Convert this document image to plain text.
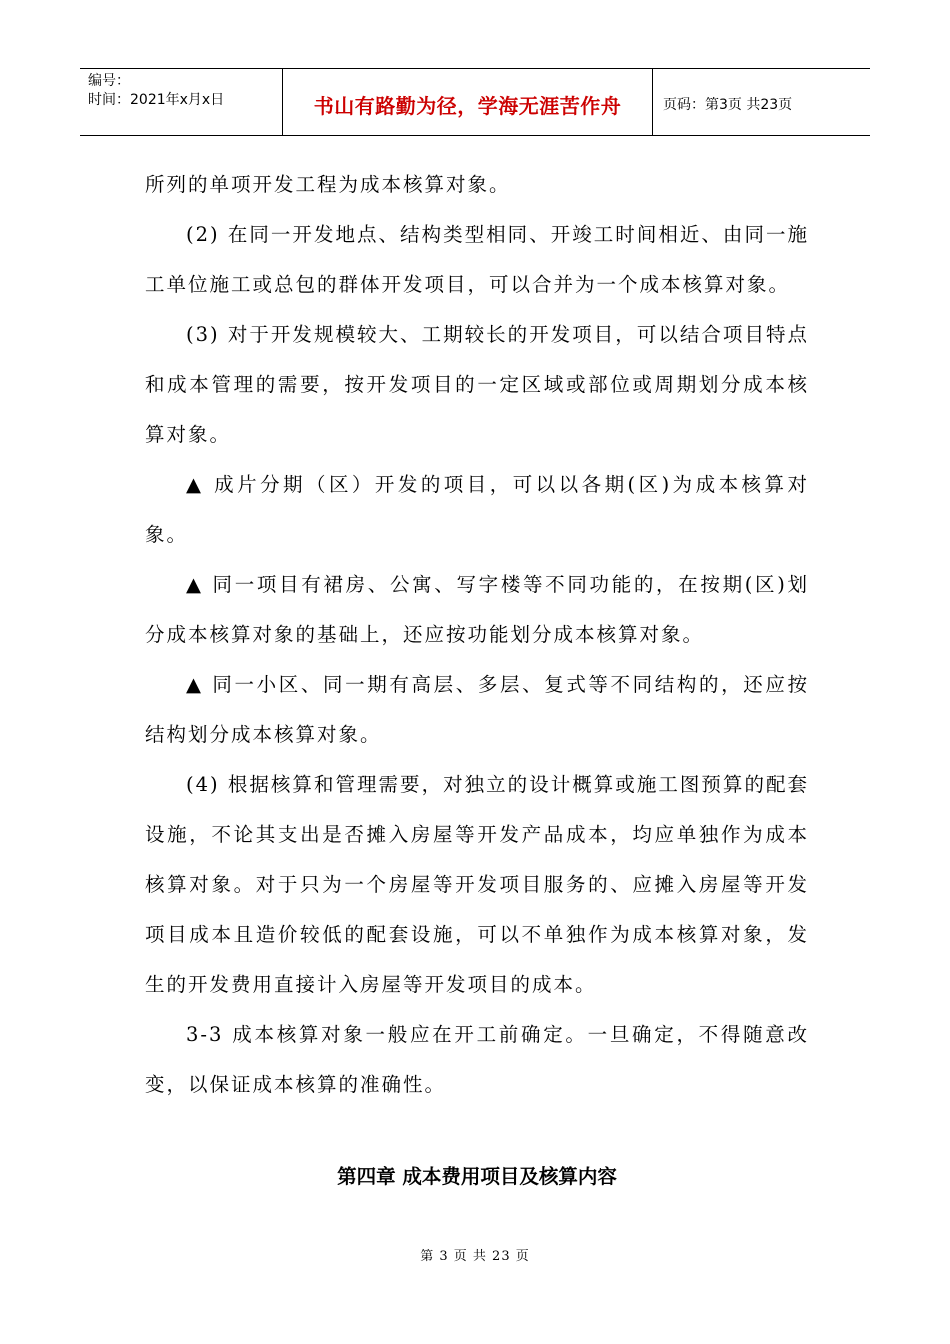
编号：
时间：2021年x月x日	书山有路勤为径，学海无涯苦作舟	页码：第3页 共23页

所列的单项开发工程为成本核算对象。

(2) 在同一开发地点、结构类型相同、开竣工时间相近、由同一施工单位施工或总包的群体开发项目，可以合并为一个成本核算对象。

(3) 对于开发规模较大、工期较长的开发项目，可以结合项目特点和成本管理的需要，按开发项目的一定区域或部位或周期划分成本核算对象。

▲ 成片分期（区）开发的项目，可以以各期(区)为成本核算对象。

▲ 同一项目有裙房、公寓、写字楼等不同功能的，在按期(区)划分成本核算对象的基础上，还应按功能划分成本核算对象。

▲ 同一小区、同一期有高层、多层、复式等不同结构的，还应按结构划分成本核算对象。

(4) 根据核算和管理需要，对独立的设计概算或施工图预算的配套设施，不论其支出是否摊入房屋等开发产品成本，均应单独作为成本核算对象。对于只为一个房屋等开发项目服务的、应摊入房屋等开发项目成本且造价较低的配套设施，可以不单独作为成本核算对象，发生的开发费用直接计入房屋等开发项目的成本。

3-3 成本核算对象一般应在开工前确定。一旦确定，不得随意改变，以保证成本核算的准确性。

第四章 成本费用项目及核算内容
第 3 页 共 23 页
